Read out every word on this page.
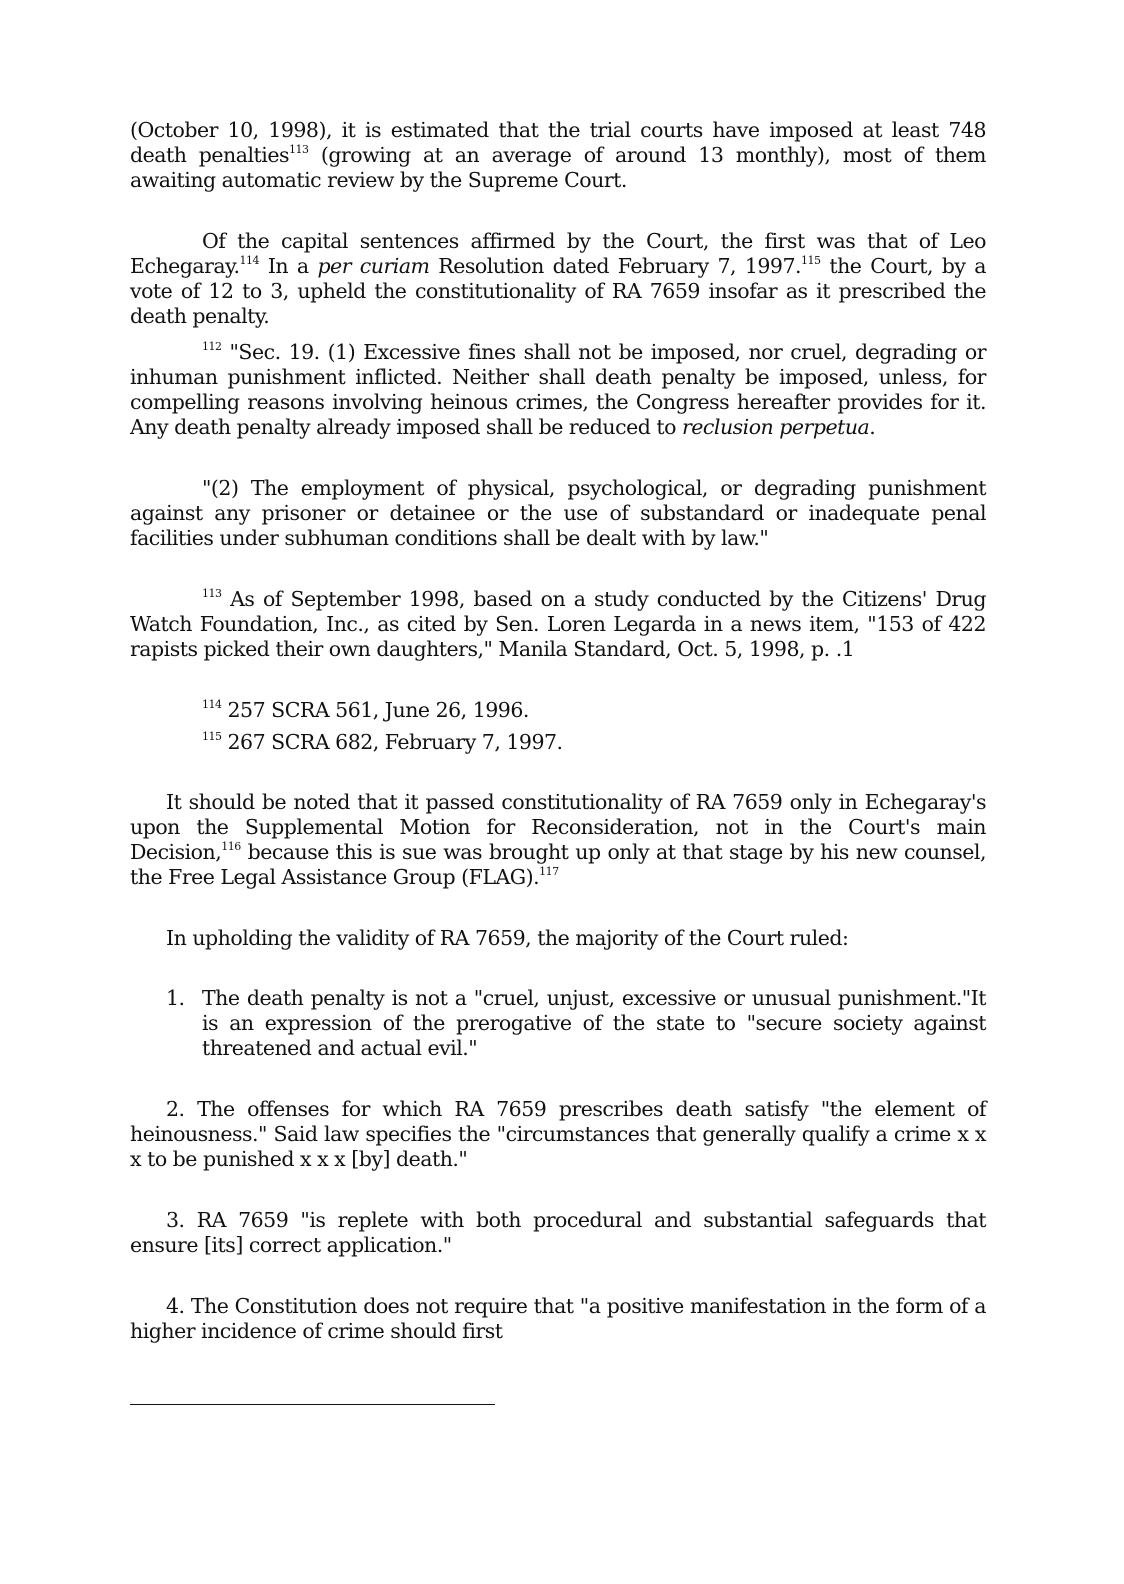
(October 10, 1998), it is estimated that the trial courts have imposed at least 748 death penalties$^{113}$ (growing at an average of around 13 monthly), most of them awaiting automatic review by the Supreme Court.

Of the capital sentences affirmed by the Court, the first was that of Leo Echegaray.$^{114}$ In a per curiam Resolution dated February 7, 1997.$^{115}$ the Court, by a vote of 12 to 3, upheld the constitutionality of RA 7659 insofar as it prescribed the death penalty.

$^{112}$ "Sec. 19. (1) Excessive fines shall not be imposed, nor cruel, degrading or inhuman punishment inflicted. Neither shall death penalty be imposed, unless, for compelling reasons involving heinous crimes, the Congress hereafter provides for it. Any death penalty already imposed shall be reduced to reclusion perpetua.

"(2) The employment of physical, psychological, or degrading punishment against any prisoner or detainee or the use of substandard or inadequate penal facilities under subhuman conditions shall be dealt with by law."

$^{113}$ As of September 1998, based on a study conducted by the Citizens' Drug Watch Foundation, Inc., as cited by Sen. Loren Legarda in a news item, "153 of 422 rapists picked their own daughters," Manila Standard, Oct. 5, 1998, p. .1

$^{114}$ 257 SCRA 561, June 26, 1996.

$^{115}$ 267 SCRA 682, February 7, 1997.

It should be noted that it passed constitutionality of RA 7659 only in Echegaray's upon the Supplemental Motion for Reconsideration, not in the Court's main Decision,$^{116}$ because this is sue was brought up only at that stage by his new counsel, the Free Legal Assistance Group (FLAG).$^{117}$

In upholding the validity of RA 7659, the majority of the Court ruled:

1. The death penalty is not a "cruel, unjust, excessive or unusual punishment."It is an expression of the prerogative of the state to "secure society against threatened and actual evil."

2. The offenses for which RA 7659 prescribes death satisfy "the element of heinousness." Said law specifies the "circumstances that generally qualify a crime x x x to be punished x x x [by] death."

3. RA 7659 "is replete with both procedural and substantial safeguards that ensure [its] correct application."

4. The Constitution does not require that "a positive manifestation in the form of a higher incidence of crime should first
